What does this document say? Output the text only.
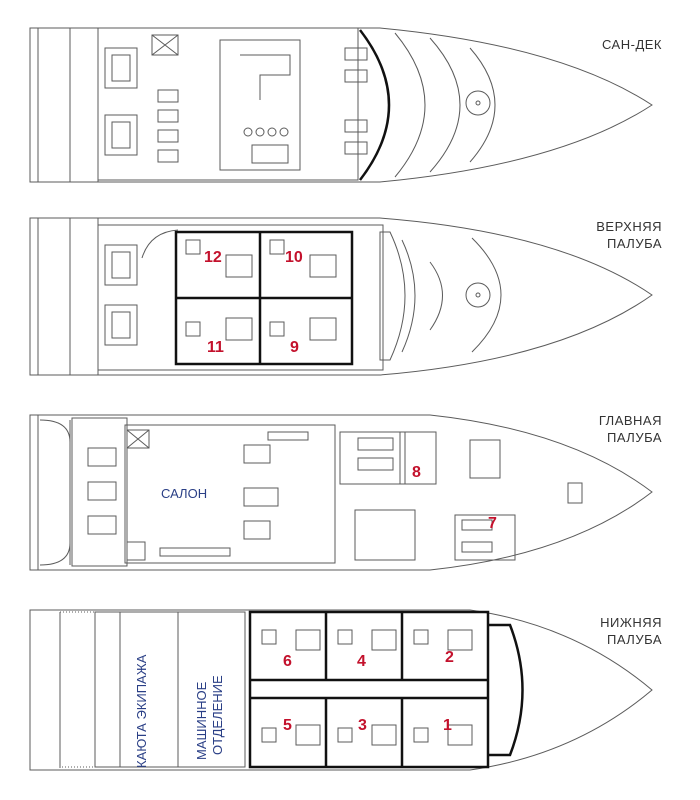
САН-ДЕК
ВЕРХНЯЯ
ПАЛУБА
ГЛАВНАЯ
ПАЛУБА
НИЖНЯЯ
ПАЛУБА
12	10
11	9
САЛОН
8
7
КАЮТА ЭКИПАЖА	МАШИННОЕ ОТДЕЛЕНИЕ
6	4	2
5	3	1
